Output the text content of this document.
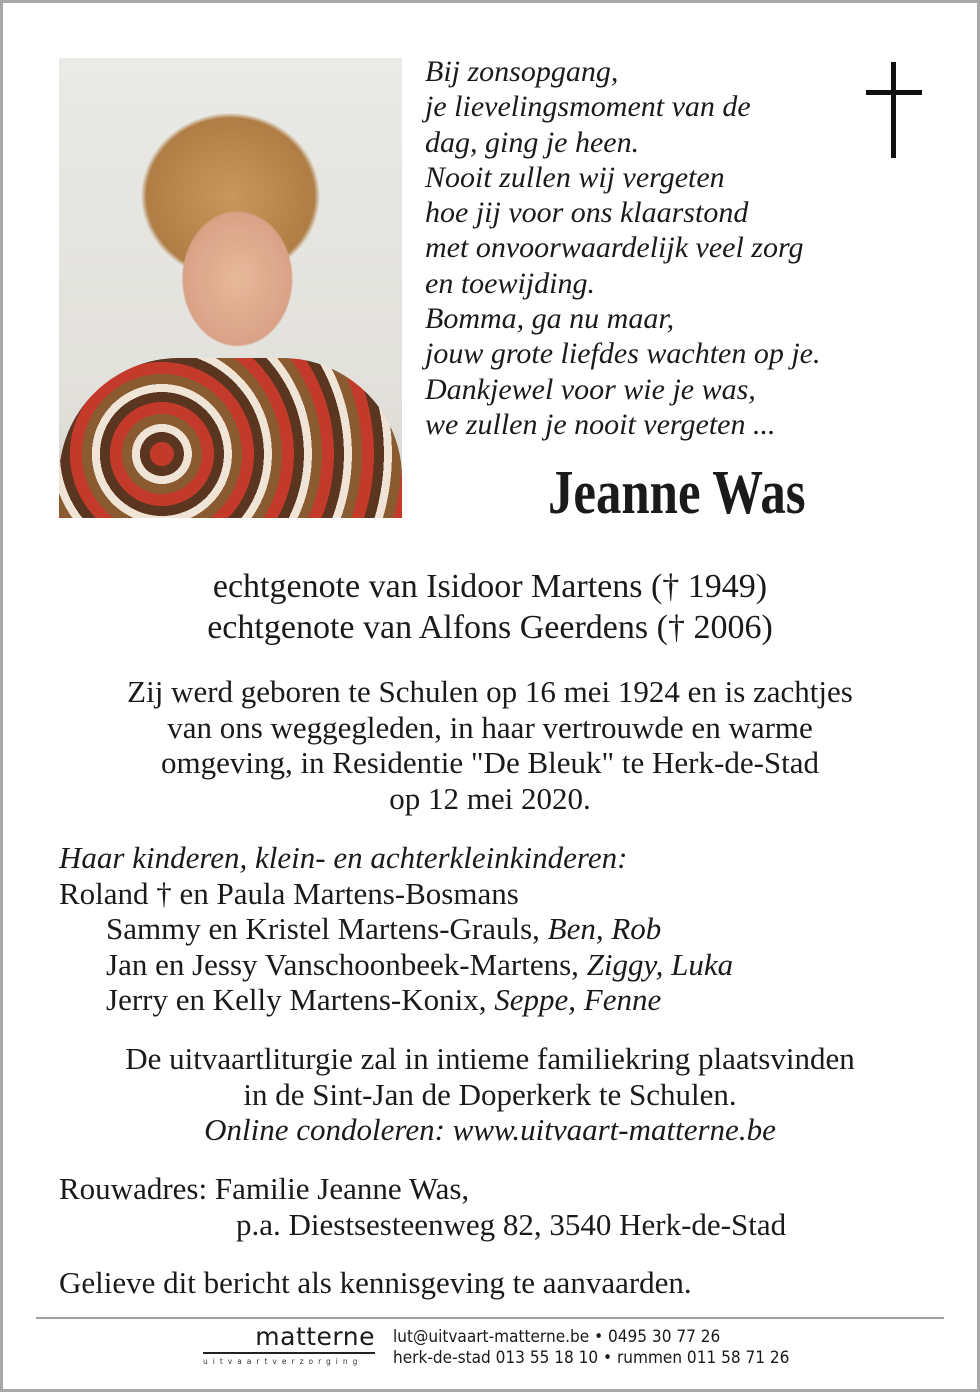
Bij zonsopgang,
je lievelingsmoment van de
dag, ging je heen.
Nooit zullen wij vergeten
hoe jij voor ons klaarstond
met onvoorwaardelijk veel zorg
en toewijding.
Bomma, ga nu maar,
jouw grote liefdes wachten op je.
Dankjewel voor wie je was,
we zullen je nooit vergeten ...
Jeanne Was
echtgenote van Isidoor Martens († 1949)
echtgenote van Alfons Geerdens († 2006)
Zij werd geboren te Schulen op 16 mei 1924 en is zachtjes
van ons weggegleden, in haar vertrouwde en warme
omgeving, in Residentie "De Bleuk" te Herk-de-Stad
op 12 mei 2020.
Haar kinderen, klein- en achterkleinkinderen:
Roland † en Paula Martens-Bosmans
Sammy en Kristel Martens-Grauls, Ben, Rob
Jan en Jessy Vanschoonbeek-Martens, Ziggy, Luka
Jerry en Kelly Martens-Konix, Seppe, Fenne
De uitvaartliturgie zal in intieme familiekring plaatsvinden
in de Sint-Jan de Doperkerk te Schulen.
Online condoleren: www.uitvaart-matterne.be
Rouwadres: Familie Jeanne Was,
p.a. Diestsesteenweg 82, 3540 Herk-de-Stad
Gelieve dit bericht als kennisgeving te aanvaarden.
matterne
uitvaartverzorging
lut@uitvaart-matterne.be • 0495 30 77 26
herk-de-stad 013 55 18 10 • rummen 011 58 71 26
